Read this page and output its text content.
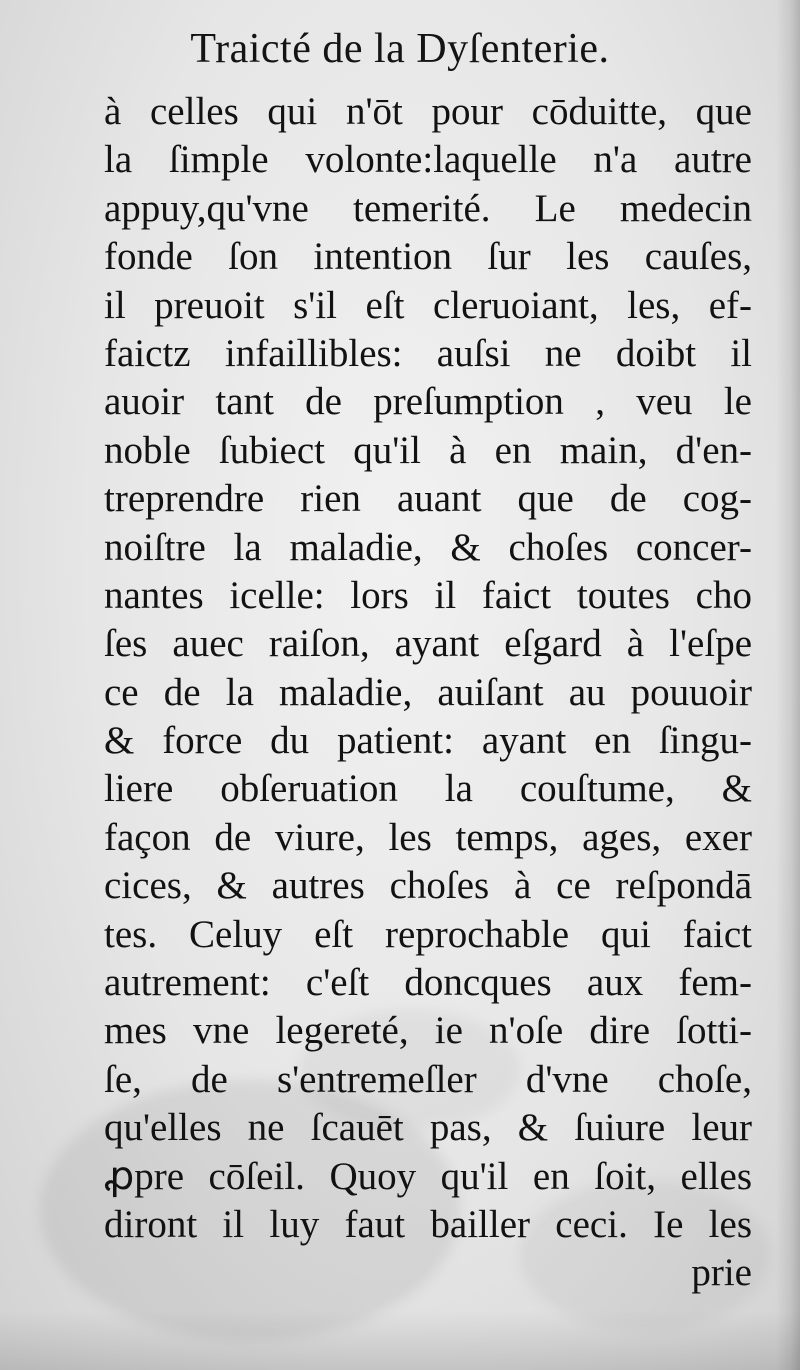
Traicté de la Dyſenterie.
à celles qui n'ōt pour cōduitte, que
la ſimple volonte:laquelle n'a autre
appuy,qu'vne temerité. Le medecin
fonde ſon intention ſur les cauſes,
il preuoit s'il eſt cleruoiant, les, ef-
faictz infaillibles: auſsi ne doibt il
auoir tant de preſumption , veu le
noble ſubiect qu'il à en main, d'en-
treprendre rien auant que de cog-
noiſtre la maladie, & choſes concer-
nantes icelle: lors il faict toutes cho
ſes auec raiſon, ayant eſgard à l'eſpe
ce de la maladie, auiſant au pouuoir
& force du patient: ayant en ſingu-
liere obſeruation la couſtume, &
façon de viure, les temps, ages, exer
cices, & autres choſes à ce reſpondā
tes. Celuy eſt reprochable qui faict
autrement: c'eſt doncques aux fem-
mes vne legereté, ie n'oſe dire ſotti-
ſe, de s'entremeſler d'vne choſe,
qu'elles ne ſcauēt pas, & ſuiure leur
ꝓpre cōſeil. Quoy qu'il en ſoit, elles
diront il luy faut bailler ceci. Ie les
prie
